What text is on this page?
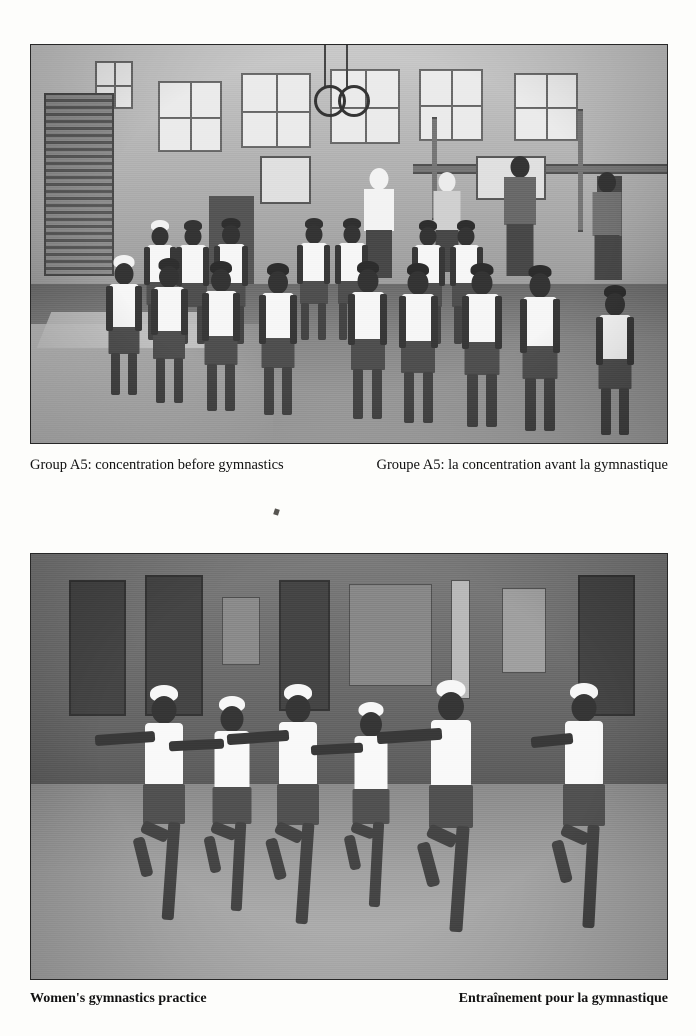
Group A5: concentration before gymnastics	Groupe A5: la concentration avant la gymnastique
Women's gymnastics practice	Entraînement pour la gymnastique
